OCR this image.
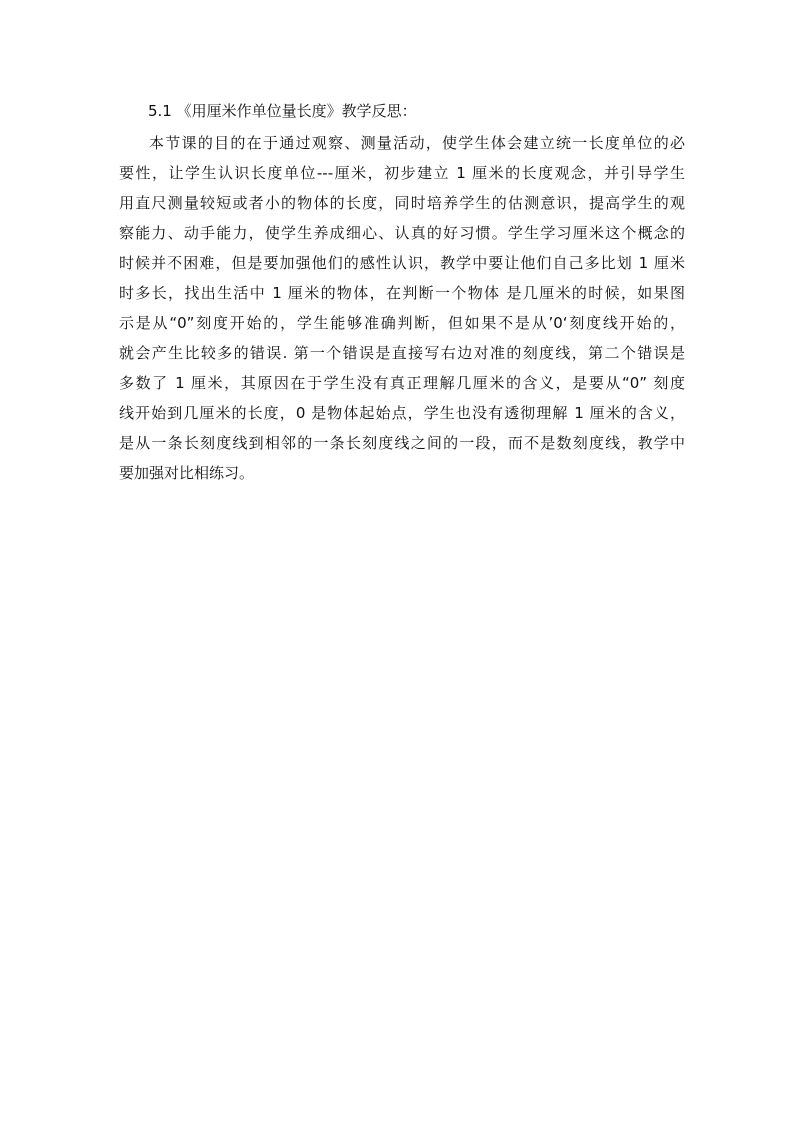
5.1 《用厘米作单位量长度》教学反思：
本节课的目的在于通过观察、测量活动，使学生体会建立统一长度单位的必
要性，让学生认识长度单位---厘米，初步建立 1 厘米的长度观念，并引导学生
用直尺测量较短或者小的物体的长度，同时培养学生的估测意识，提高学生的观
察能力、动手能力，使学生养成细心、认真的好习惯。学生学习厘米这个概念的
时候并不困难，但是要加强他们的感性认识，教学中要让他们自己多比划 1 厘米
时多长，找出生活中 1 厘米的物体，在判断一个物体 是几厘米的时候，如果图
示是从“0”刻度开始的，学生能够准确判断，但如果不是从’0‘刻度线开始的，
就会产生比较多的错误. 第一个错误是直接写右边对准的刻度线，第二个错误是
多数了 1 厘米，其原因在于学生没有真正理解几厘米的含义，是要从“0” 刻度
线开始到几厘米的长度，0 是物体起始点，学生也没有透彻理解 1 厘米的含义，
是从一条长刻度线到相邻的一条长刻度线之间的一段，而不是数刻度线，教学中
要加强对比相练习。
